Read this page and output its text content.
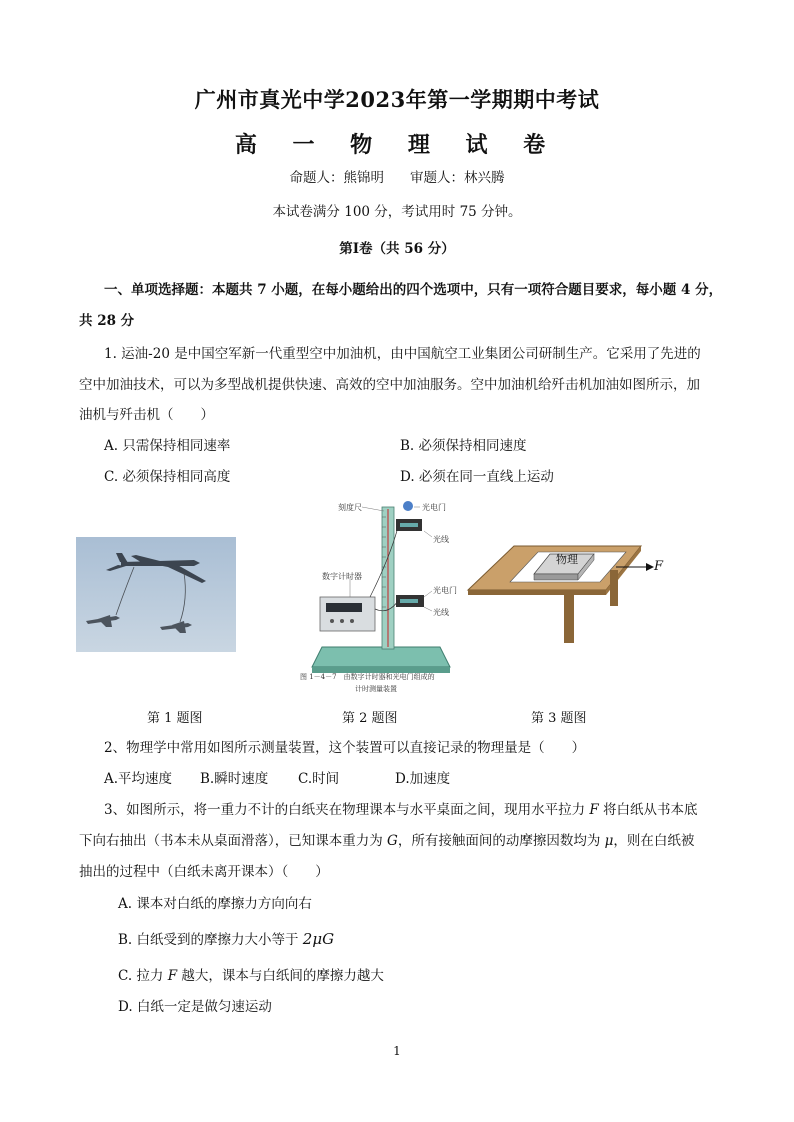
广州市真光中学2023年第一学期期中考试
高 一 物 理 试 卷
命题人：熊锦明 审题人：林兴腾
本试卷满分 100 分，考试用时 75 分钟。
第Ⅰ卷（共 56 分）
一、单项选择题：本题共 7 小题，在每小题给出的四个选项中，只有一项符合题目要求，每小题 4 分，
共 28 分
1. 运油-20 是中国空军新一代重型空中加油机，由中国航空工业集团公司研制生产。它采用了先进的
空中加油技术，可以为多型战机提供快速、高效的空中加油服务。空中加油机给歼击机加油如图所示，加
油机与歼击机（　　）
A. 只需保持相同速率	B. 必须保持相同速度
C. 必须保持相同高度	D. 必须在同一直线上运动
刻度尺	光电门
光线
数字计时器
光电门
光线
图 1－4－7　由数字计时器和光电门组成的
计时测量装置
物理	F
第 1 题图	第 2 题图	第 3 题图
2、物理学中常用如图所示测量装置，这个装置可以直接记录的物理量是（　　）
A.平均速度 B.瞬时速度 C.时间	D.加速度
3、如图所示，将一重力不计的白纸夹在物理课本与水平桌面之间，现用水平拉力 F 将白纸从书本底
下向右抽出（书本未从桌面滑落），已知课本重力为 G，所有接触面间的动摩擦因数均为 μ，则在白纸被
抽出的过程中（白纸未离开课本）（　　）
A. 课本对白纸的摩擦力方向向右
B. 白纸受到的摩擦力大小等于 2μG
C. 拉力 F 越大，课本与白纸间的摩擦力越大
D. 白纸一定是做匀速运动
1
